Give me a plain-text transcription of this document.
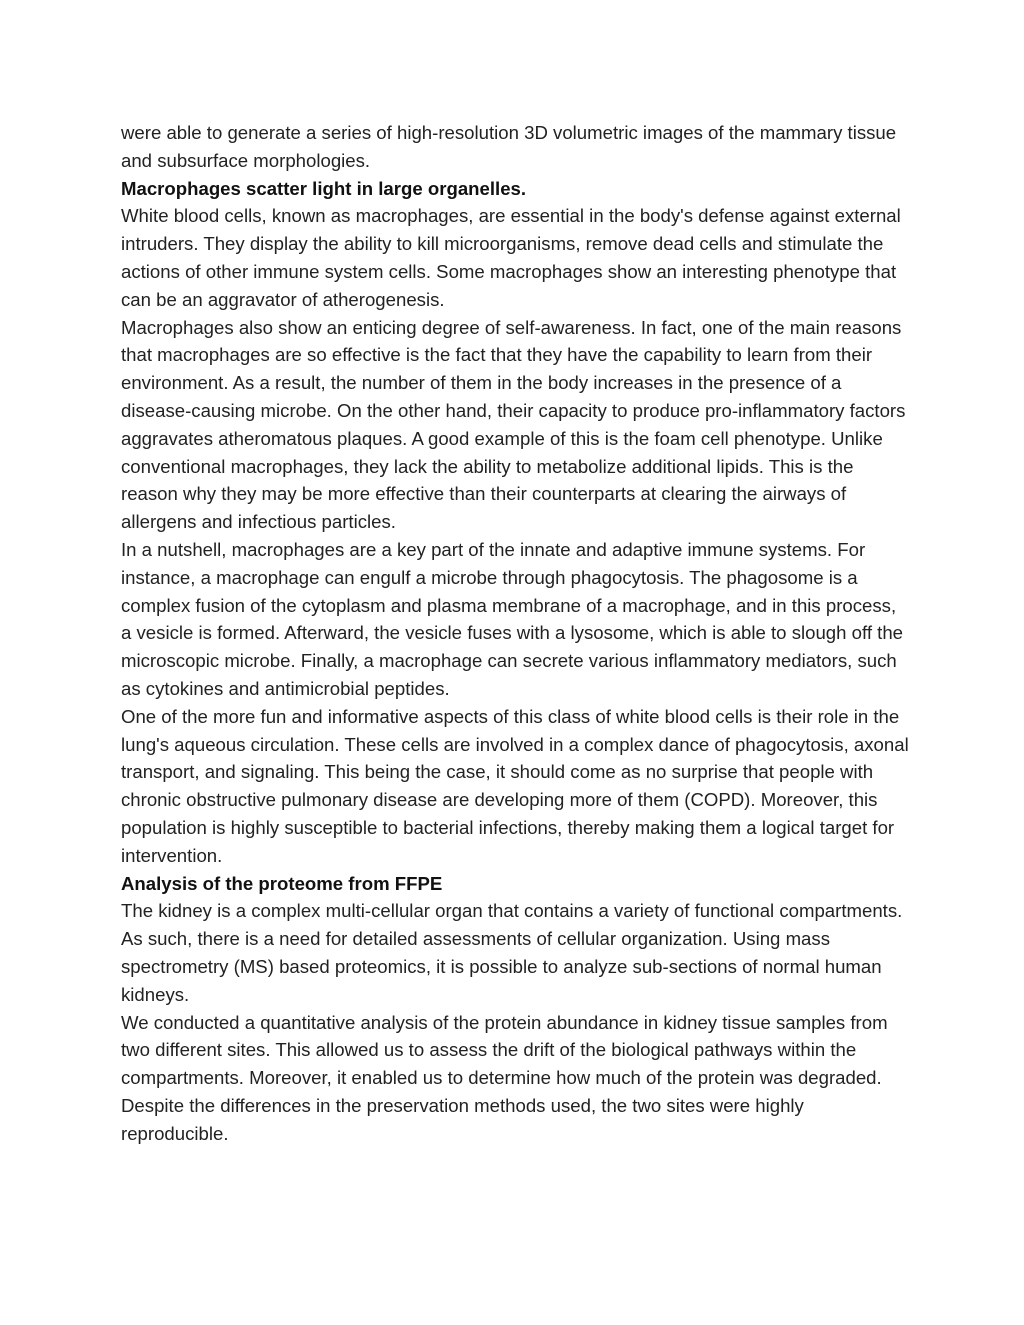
were able to generate a series of high-resolution 3D volumetric images of the mammary tissue and subsurface morphologies.

Macrophages scatter light in large organelles.

White blood cells, known as macrophages, are essential in the body's defense against external intruders. They display the ability to kill microorganisms, remove dead cells and stimulate the actions of other immune system cells. Some macrophages show an interesting phenotype that can be an aggravator of atherogenesis.

Macrophages also show an enticing degree of self-awareness. In fact, one of the main reasons that macrophages are so effective is the fact that they have the capability to learn from their environment. As a result, the number of them in the body increases in the presence of a disease-causing microbe. On the other hand, their capacity to produce pro-inflammatory factors aggravates atheromatous plaques. A good example of this is the foam cell phenotype. Unlike conventional macrophages, they lack the ability to metabolize additional lipids. This is the reason why they may be more effective than their counterparts at clearing the airways of allergens and infectious particles.

In a nutshell, macrophages are a key part of the innate and adaptive immune systems. For instance, a macrophage can engulf a microbe through phagocytosis. The phagosome is a complex fusion of the cytoplasm and plasma membrane of a macrophage, and in this process, a vesicle is formed. Afterward, the vesicle fuses with a lysosome, which is able to slough off the microscopic microbe. Finally, a macrophage can secrete various inflammatory mediators, such as cytokines and antimicrobial peptides.

One of the more fun and informative aspects of this class of white blood cells is their role in the lung's aqueous circulation. These cells are involved in a complex dance of phagocytosis, axonal transport, and signaling. This being the case, it should come as no surprise that people with chronic obstructive pulmonary disease are developing more of them (COPD). Moreover, this population is highly susceptible to bacterial infections, thereby making them a logical target for intervention.

Analysis of the proteome from FFPE

The kidney is a complex multi-cellular organ that contains a variety of functional compartments. As such, there is a need for detailed assessments of cellular organization. Using mass spectrometry (MS) based proteomics, it is possible to analyze sub-sections of normal human kidneys.

We conducted a quantitative analysis of the protein abundance in kidney tissue samples from two different sites. This allowed us to assess the drift of the biological pathways within the compartments. Moreover, it enabled us to determine how much of the protein was degraded. Despite the differences in the preservation methods used, the two sites were highly reproducible.
